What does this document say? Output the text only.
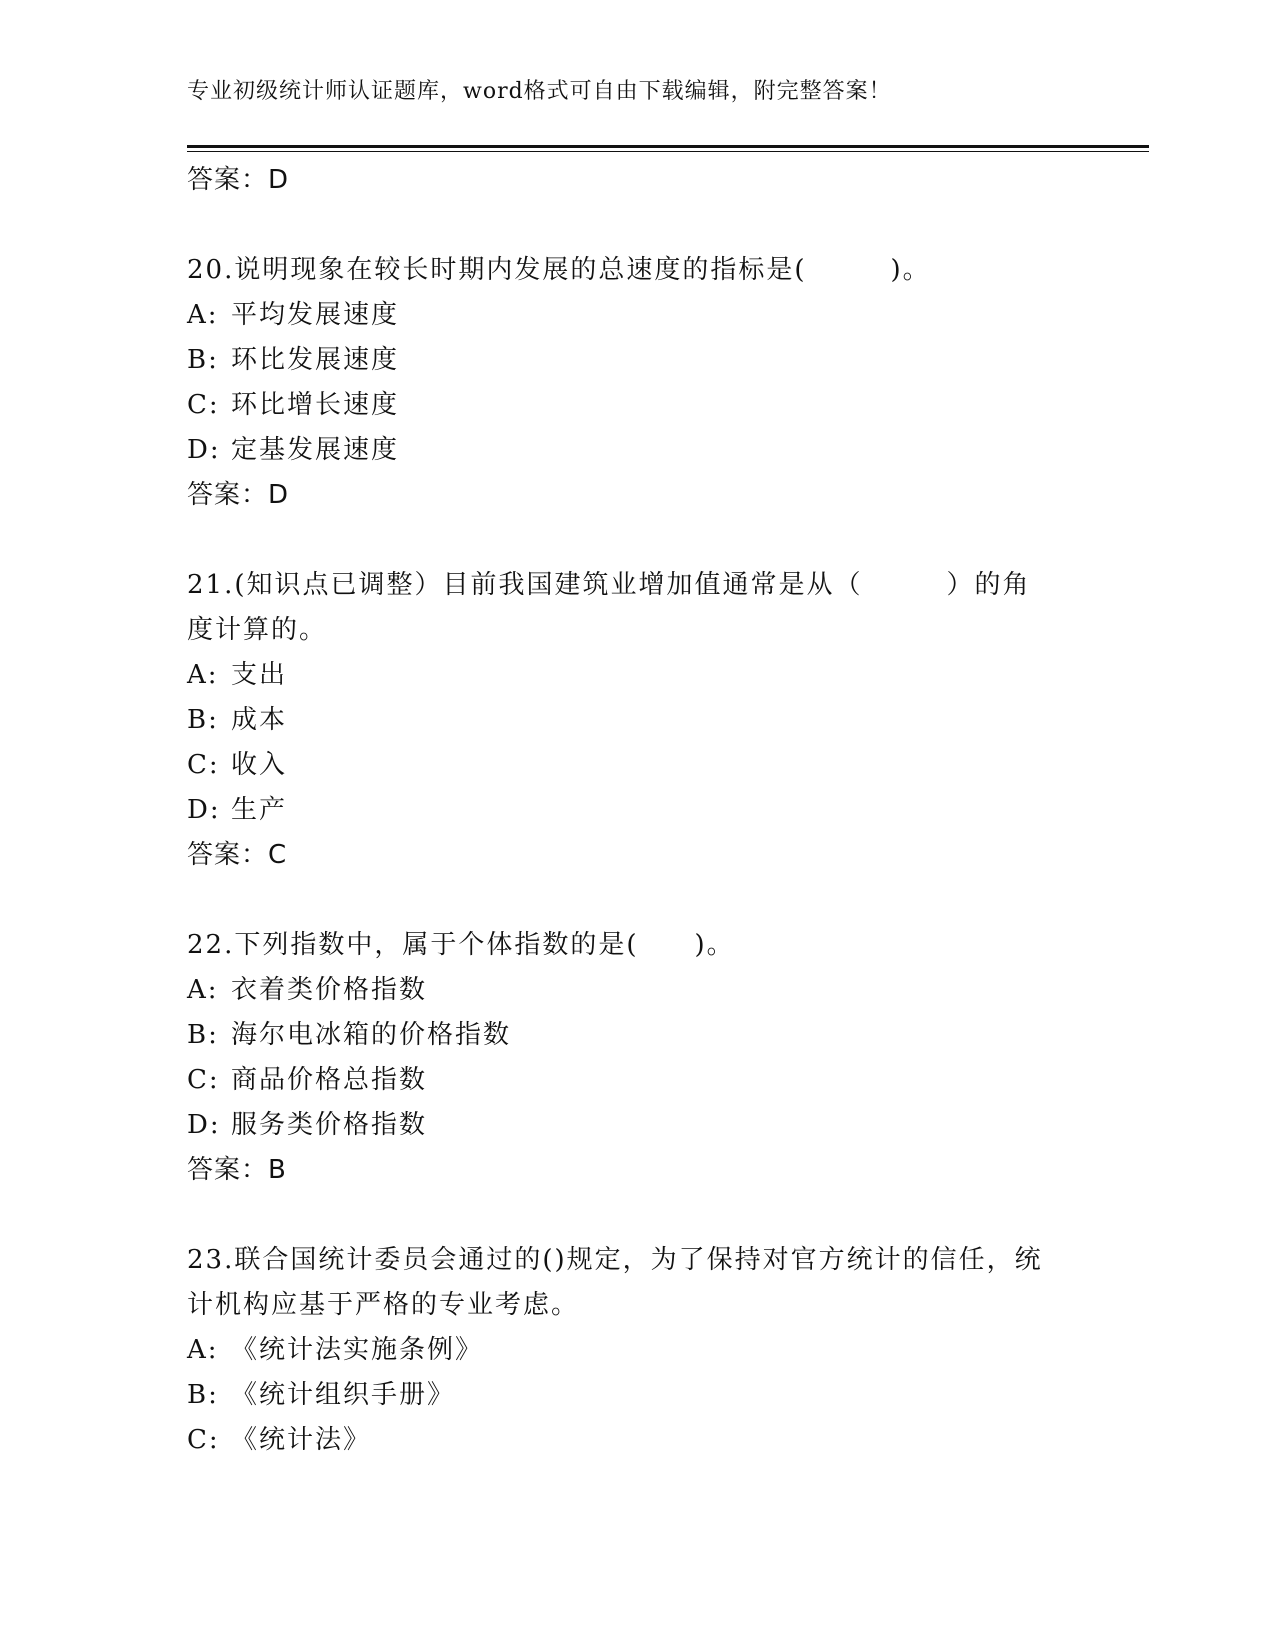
专业初级统计师认证题库，word格式可自由下载编辑，附完整答案！
答案：D
20.说明现象在较长时期内发展的总速度的指标是(　　　)。
A: 平均发展速度
B: 环比发展速度
C: 环比增长速度
D: 定基发展速度
答案：D
21.(知识点已调整）目前我国建筑业增加值通常是从（　　　）的角
度计算的。
A: 支出
B: 成本
C: 收入
D: 生产
答案：C
22.下列指数中，属于个体指数的是(　　)。
A: 衣着类价格指数
B: 海尔电冰箱的价格指数
C: 商品价格总指数
D: 服务类价格指数
答案：B
23.联合国统计委员会通过的()规定，为了保持对官方统计的信任，统
计机构应基于严格的专业考虑。
A: 《统计法实施条例》
B: 《统计组织手册》
C: 《统计法》
